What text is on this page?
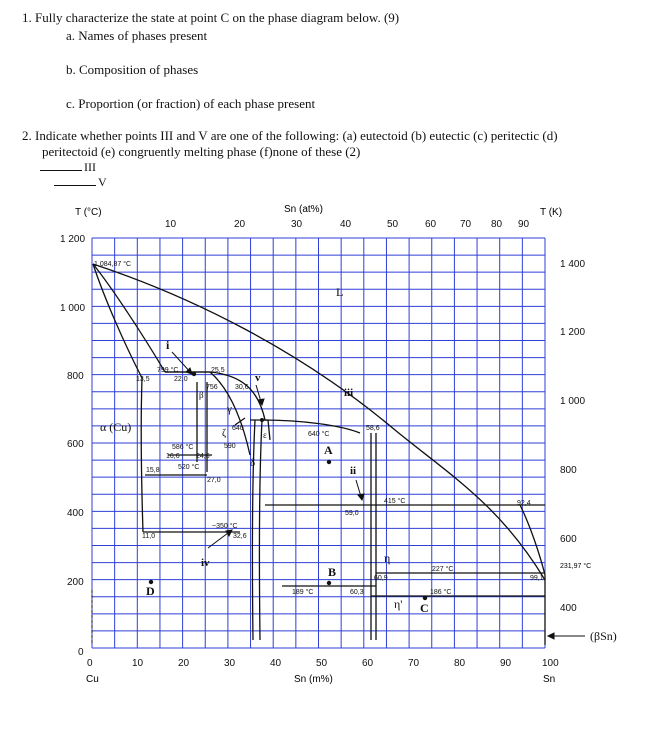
1. Fully characterize the state at point C on the phase diagram below. (9)
a. Names of phases present
b. Composition of phases
c. Proportion (or fraction) of each phase present
2. Indicate whether points III and V are one of the following: (a) eutectoid (b) eutectic (c) peritectic (d)
peritectoid (e) congruently melting phase (f)none of these (2)
III
V
T (°C)	T (K)
Sn (at%)
Sn (m%)
Cu	Sn
10	20	30	40	50	60 70 80 90
0	10	20	30	40	50	60	70	80	90	100
1 200
1 000
800
600
400
200
0
1 400
1 200
1 000
800
600
400
231,97 °C
1 084,87 °C
799 °C
13,5	22,0
25,5
756 30,6
640
590
640 °C
58,6
586 °C
16,6 24,6
15,8	520 °C
27,0
415 °C
59,0
92,4
~350 °C
11,0	32,6
227 °C
60,9	99,1
189 °C	60,3	186 °C
L
α (Cu)
β
γ
δ
ζ	ε
η
η'
(βSn)
A
B
C
D
i
ii
iii
iv
v
